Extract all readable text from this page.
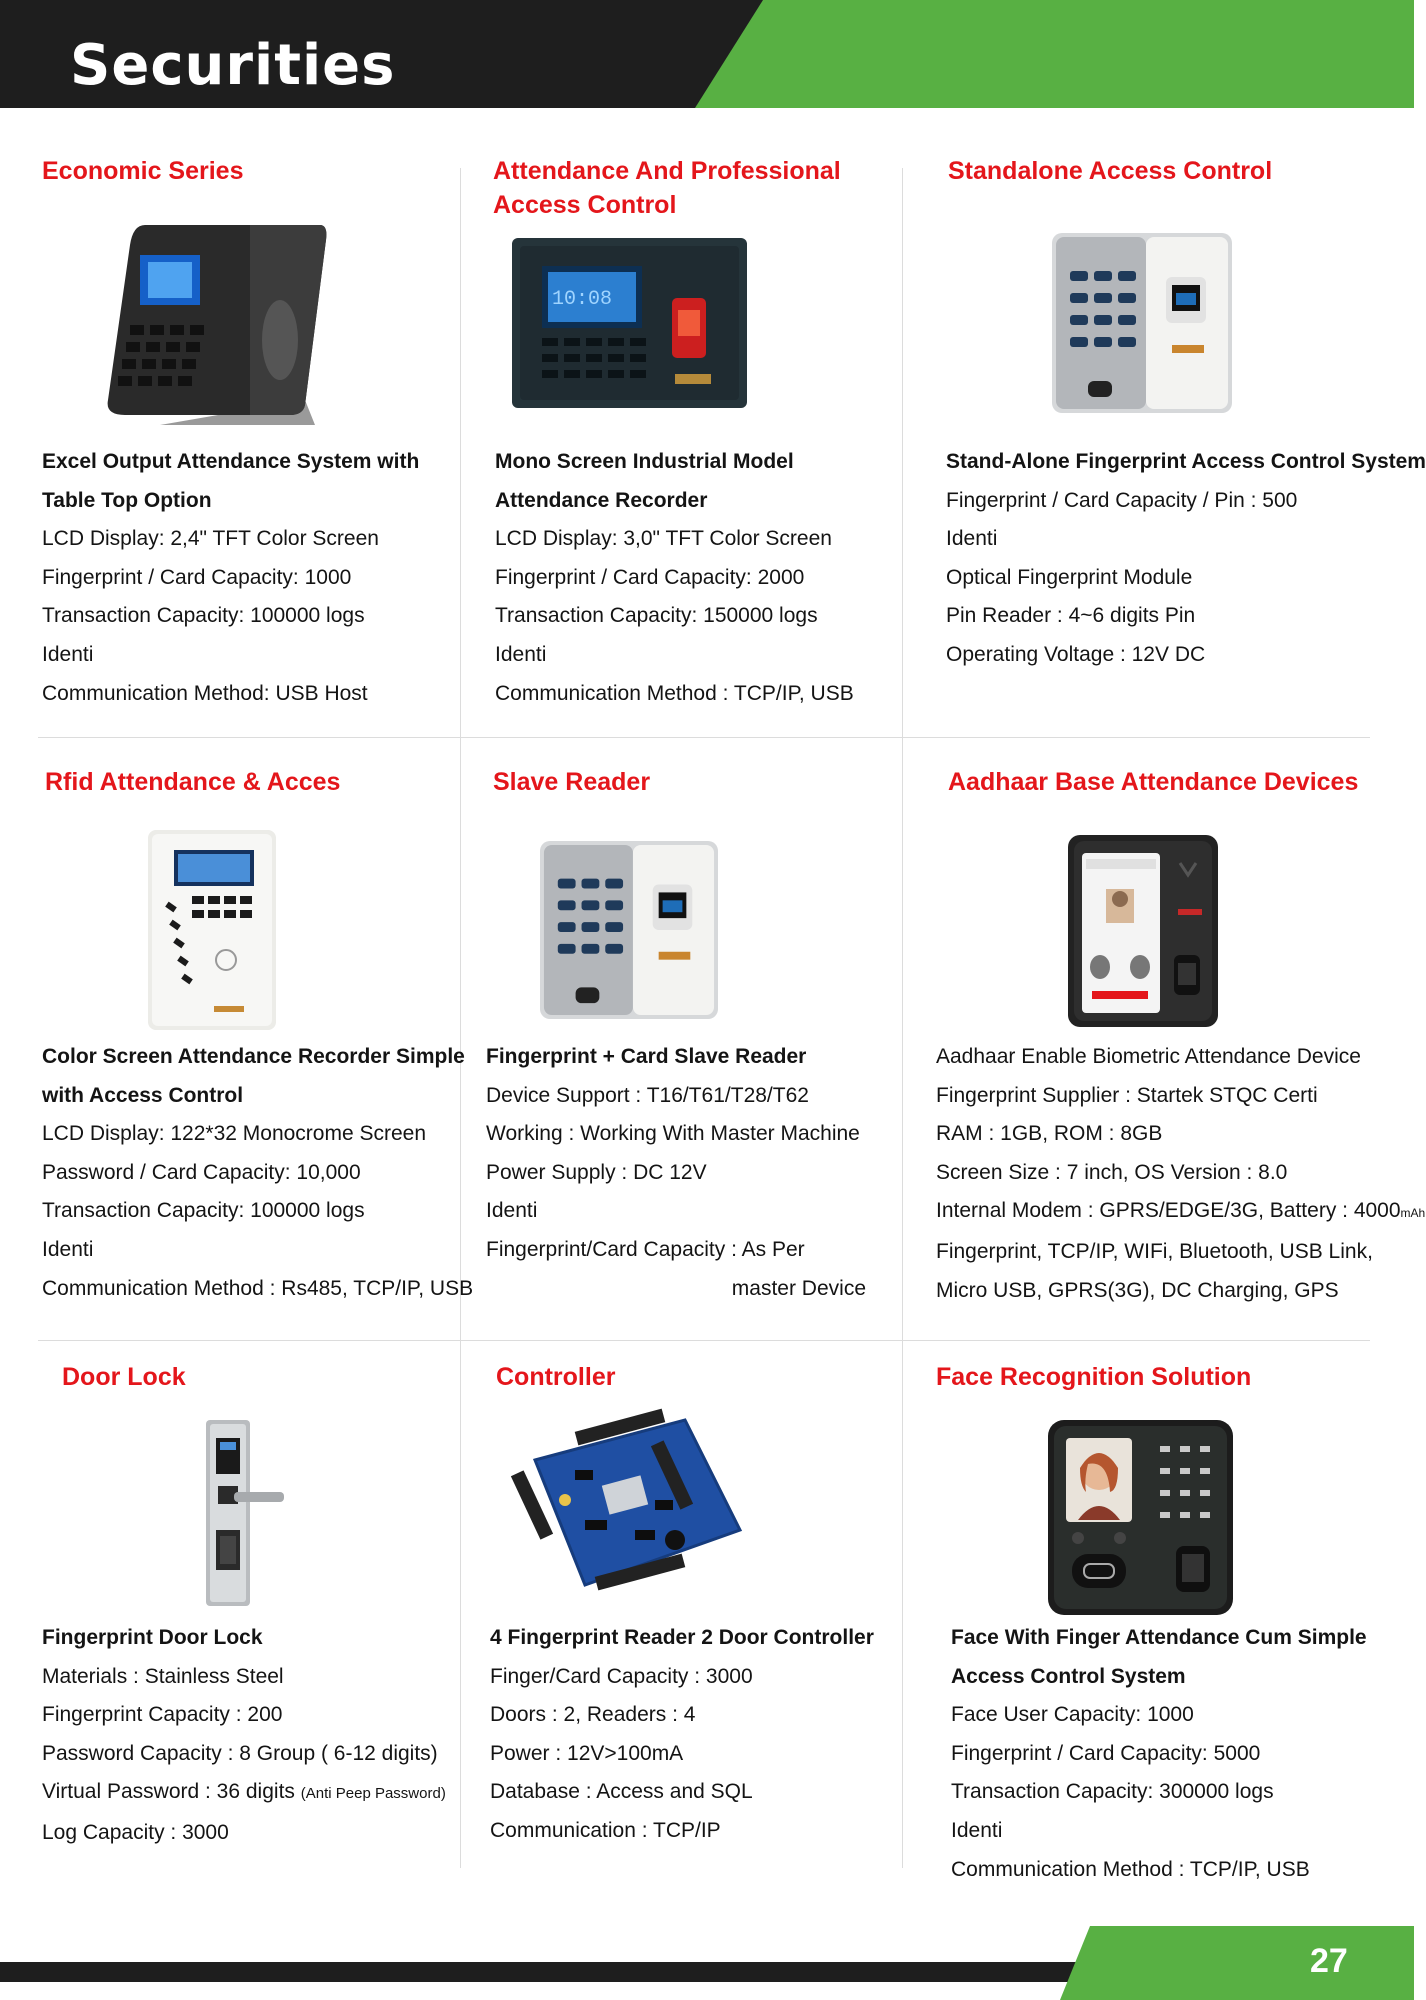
Securities
Economic Series
Excel Output Attendance System with
Table Top Option
LCD Display: 2,4" TFT Color Screen
Fingerprint / Card Capacity: 1000
Transaction Capacity: 100000 logs
Identi
Communication Method: USB Host
Attendance And Professional
Access Control
10:08
Mono Screen Industrial Model
Attendance Recorder
LCD Display: 3,0" TFT Color Screen
Fingerprint / Card Capacity: 2000
Transaction Capacity: 150000 logs
Identi
Communication Method : TCP/IP, USB
Standalone Access Control
Stand-Alone Fingerprint Access Control System
Fingerprint / Card Capacity / Pin : 500
Identi
Optical Fingerprint Module
Pin Reader : 4~6 digits Pin
Operating Voltage : 12V DC
Rfid Attendance & Acces
Color Screen Attendance Recorder Simple
with Access Control
LCD Display: 122*32 Monocrome Screen
Password / Card Capacity: 10,000
Transaction Capacity: 100000 logs
Identi
Communication Method : Rs485, TCP/IP, USB
Slave Reader
Fingerprint + Card Slave Reader
Device Support : T16/T61/T28/T62
Working : Working With Master Machine
Power Supply : DC 12V
Identi
Fingerprint/Card Capacity : As Per
master Device
Aadhaar Base Attendance Devices
Aadhaar Enable Biometric Attendance Device
Fingerprint Supplier : Startek STQC Certi
RAM : 1GB, ROM : 8GB
Screen Size : 7 inch, OS Version : 8.0
Internal Modem : GPRS/EDGE/3G, Battery : 4000mAh
Fingerprint, TCP/IP, WIFi, Bluetooth, USB Link,
Micro USB, GPRS(3G), DC Charging, GPS
Door Lock
Fingerprint Door Lock
Materials : Stainless Steel
Fingerprint Capacity : 200
Password Capacity : 8 Group ( 6-12 digits)
Virtual Password : 36 digits (Anti Peep Password)
Log Capacity : 3000
Controller
4 Fingerprint Reader 2 Door Controller
Finger/Card Capacity : 3000
Doors : 2, Readers : 4
Power : 12V>100mA
Database : Access and SQL
Communication : TCP/IP
Face Recognition Solution
Face With Finger Attendance Cum Simple
Access Control System
Face User Capacity: 1000
Fingerprint / Card Capacity: 5000
Transaction Capacity: 300000 logs
Identi
Communication Method : TCP/IP, USB
27
